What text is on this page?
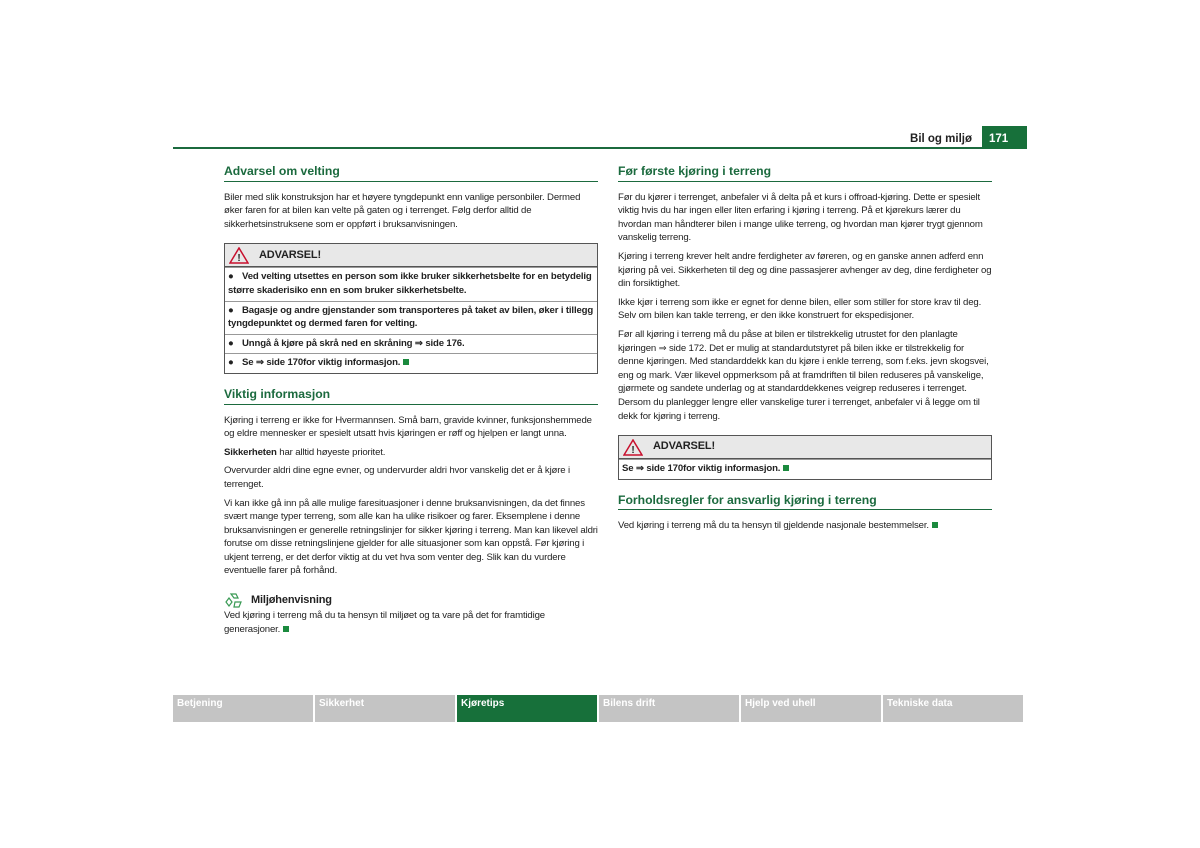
Bil og miljø	171
Advarsel om velting

Biler med slik konstruksjon har et høyere tyngdepunkt enn vanlige personbiler. Dermed øker faren for at bilen kan velte på gaten og i terrenget. Følg derfor alltid de sikkerhetsinstruksene som er oppført i bruksanvisningen.

! ADVARSEL!
● Ved velting utsettes en person som ikke bruker sikkerhetsbelte for en betydelig større skaderisiko enn en som bruker sikkerhetsbelte.
● Bagasje og andre gjenstander som transporteres på taket av bilen, øker i tillegg tyngdepunktet og dermed faren for velting.
● Unngå å kjøre på skrå ned en skråning ⇒ side 176.
● Se ⇒ side 170for viktig informasjon.
Viktig informasjon

Kjøring i terreng er ikke for Hvermannsen. Små barn, gravide kvinner, funksjonshemmede og eldre mennesker er spesielt utsatt hvis kjøringen er røff og hjelpen er langt unna.

Sikkerheten har alltid høyeste prioritet.

Overvurder aldri dine egne evner, og undervurder aldri hvor vanskelig det er å kjøre i terrenget.

Vi kan ikke gå inn på alle mulige faresituasjoner i denne bruksanvisningen, da det finnes svært mange typer terreng, som alle kan ha ulike risikoer og farer. Eksemplene i denne bruksanvisningen er generelle retningslinjer for sikker kjøring i terreng. Man kan likevel aldri forutse om disse retningslinjene gjelder for alle situasjoner som kan oppstå. Før kjøring i ukjent terreng, er det derfor viktig at du vet hva som venter deg. Slik kan du vurdere eventuelle farer på forhånd.

Miljøhenvisning

Ved kjøring i terreng må du ta hensyn til miljøet og ta vare på det for framtidige generasjoner.

Før første kjøring i terreng

Før du kjører i terrenget, anbefaler vi å delta på et kurs i offroad-kjøring. Dette er spesielt viktig hvis du har ingen eller liten erfaring i kjøring i terreng. På et kjørekurs lærer du hvordan man håndterer bilen i mange ulike terreng, og hvordan man kjører trygt gjennom vanskelig terreng.

Kjøring i terreng krever helt andre ferdigheter av føreren, og en ganske annen adferd enn kjøring på vei. Sikkerheten til deg og dine passasjerer avhenger av deg, dine ferdigheter og din forsiktighet.

Ikke kjør i terreng som ikke er egnet for denne bilen, eller som stiller for store krav til deg. Selv om bilen kan takle terreng, er den ikke konstruert for ekspedisjoner.

Før all kjøring i terreng må du påse at bilen er tilstrekkelig utrustet for den planlagte kjøringen ⇒ side 172. Det er mulig at standardutstyret på bilen ikke er tilstrekkelig for denne kjøringen. Med standarddekk kan du kjøre i enkle terreng, som f.eks. jevn skogsvei, eng og mark. Vær likevel oppmerksom på at framdriften til bilen reduseres på vanskelige, gjørmete og sandete underlag og at standarddekkenes veigrep reduseres i terrenget. Dersom du planlegger lengre eller vanskelige turer i terrenget, anbefaler vi å legge om til dekk for kjøring i terreng.

! ADVARSEL!
Se ⇒ side 170for viktig informasjon.
Forholdsregler for ansvarlig kjøring i terreng

Ved kjøring i terreng må du ta hensyn til gjeldende nasjonale bestemmelser.

Betjening	Sikkerhet	Kjøretips	Bilens drift	Hjelp ved uhell	Tekniske data
